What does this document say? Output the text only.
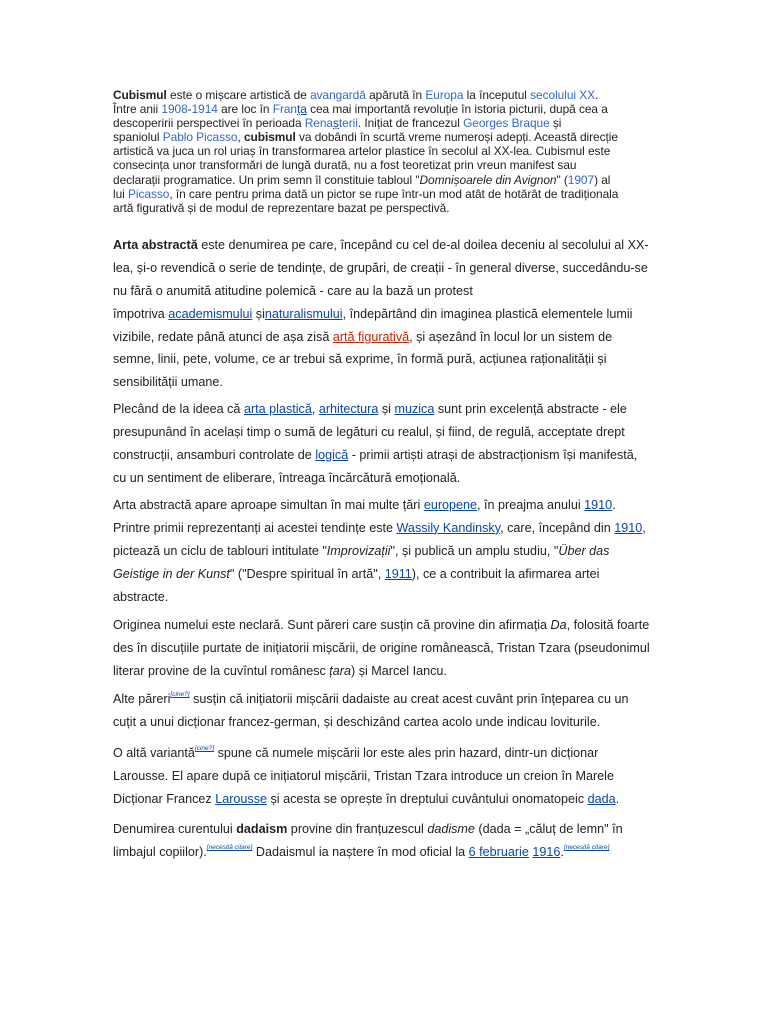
Cubismul este o mișcare artistică de avangardă apărută în Europa la începutul secolului XX.
Între anii 1908-1914 are loc în Franța cea mai importantă revoluție în istoria picturii, după cea a
descoperirii perspectivei în perioada Renașterii. Inițiat de francezul Georges Braque și
spaniolul Pablo Picasso, cubismul va dobândi în scurtă vreme numeroși adepți. Această direcție
artistică va juca un rol uriaș în transformarea artelor plastice în secolul al XX-lea. Cubismul este
consecința unor transformări de lungă durată, nu a fost teoretizat prin vreun manifest sau
declarații programatice. Un prim semn îl constituie tabloul "Domnișoarele din Avignon" (1907) al
lui Picasso, în care pentru prima dată un pictor se rupe într-un mod atât de hotărât de tradiționala
artă figurativă și de modul de reprezentare bazat pe perspectivă.
Arta abstractă este denumirea pe care, începând cu cel de-al doilea deceniu al secolului al XX-
lea, și-o revendică o serie de tendințe, de grupări, de creații - în general diverse, succedându-se
nu fără o anumită atitudine polemică - care au la bază un protest
împotriva academismului șinaturalismului, îndepărtând din imaginea plastică elementele lumii
vizibile, redate până atunci de așa zisă artă figurativă, și așezând în locul lor un sistem de
semne, linii, pete, volume, ce ar trebui să exprime, în formă pură, acțiunea raționalității și
sensibilității umane.
Plecând de la ideea că arta plastică, arhitectura și muzica sunt prin excelență abstracte - ele
presupunând în același timp o sumă de legături cu realul, și fiind, de regulă, acceptate drept
construcții, ansamburi controlate de logică - primii artiști atrași de abstracționism își manifestă,
cu un sentiment de eliberare, întreaga încărcătură emoțională.
Arta abstractă apare aproape simultan în mai multe țări europene, în preajma anului 1910.
Printre primii reprezentanți ai acestei tendințe este Wassily Kandinsky, care, începând din 1910,
pictează un ciclu de tablouri intitulate "Improvizații", și publică un amplu studiu, "Über das
Geistige in der Kunst" ("Despre spiritual în artă", 1911), ce a contribuit la afirmarea artei
abstracte.
Originea numelui este neclară. Sunt păreri care susțin că provine din afirmația Da, folosită foarte
des în discuțiile purtate de inițiatorii mișcării, de origine românească, Tristan Tzara (pseudonimul
literar provine de la cuvîntul românesc țara) și Marcel Iancu.
Alte păreri[cine?] susțin că inițiatorii mișcării dadaiste au creat acest cuvânt prin înțeparea cu un
cuțit a unui dicționar francez-german, și deschizând cartea acolo unde indicau loviturile.
O altă variantă[cine?] spune că numele mișcării lor este ales prin hazard, dintr-un dicționar
Larousse. El apare după ce inițiatorul mișcării, Tristan Tzara introduce un creion în Marele
Dicționar Francez Larousse și acesta se oprește în dreptului cuvântului onomatopeic dada.
Denumirea curentului dadaism provine din franțuzescul dadisme (dada = „căluț de lemn" în
limbajul copiilor).[necesită citare] Dadaismul ia naștere în mod oficial la 6 februarie 1916.[necesită citare]
